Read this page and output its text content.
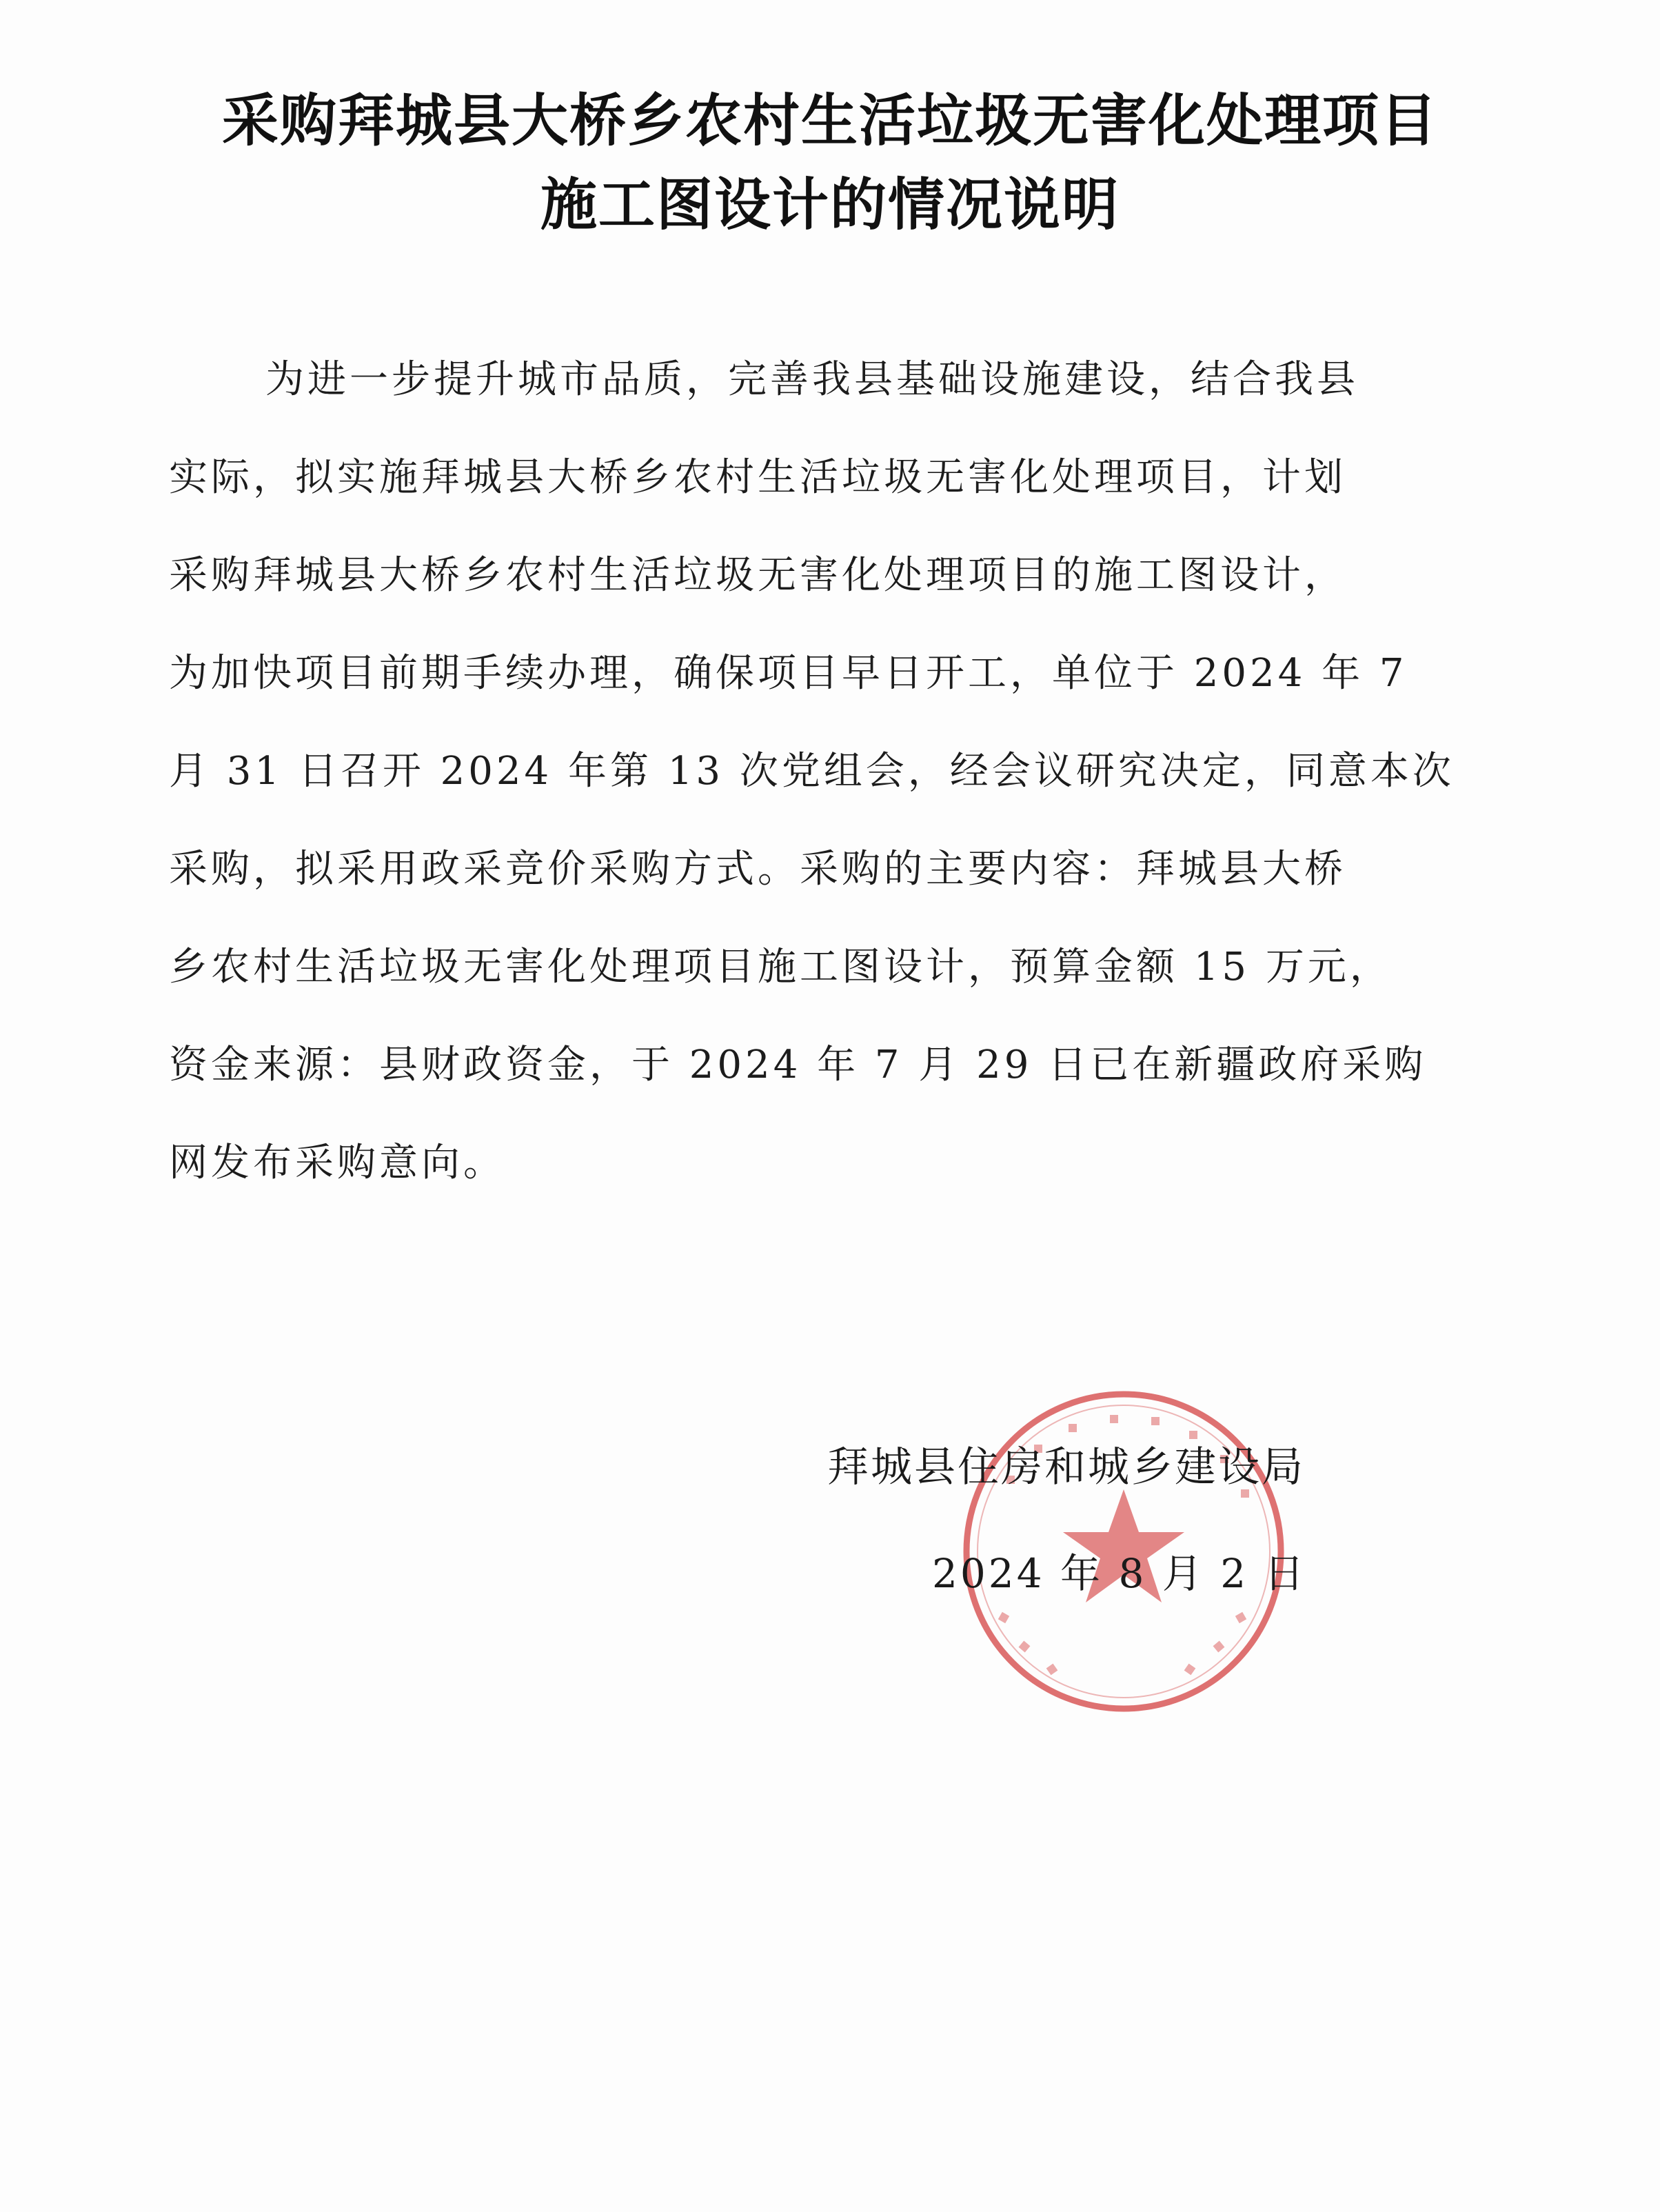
采购拜城县大桥乡农村生活垃圾无害化处理项目
施工图设计的情况说明
为进一步提升城市品质，完善我县基础设施建设，结合我县
实际，拟实施拜城县大桥乡农村生活垃圾无害化处理项目，计划
采购拜城县大桥乡农村生活垃圾无害化处理项目的施工图设计，
为加快项目前期手续办理，确保项目早日开工，单位于 2024 年 7
月 31 日召开 2024 年第 13 次党组会，经会议研究决定，同意本次
采购，拟采用政采竞价采购方式。采购的主要内容：拜城县大桥
乡农村生活垃圾无害化处理项目施工图设计，预算金额 15 万元，
资金来源：县财政资金，于 2024 年 7 月 29 日已在新疆政府采购
网发布采购意向。
拜城县住房和城乡建设局
2024 年 8 月 2 日
